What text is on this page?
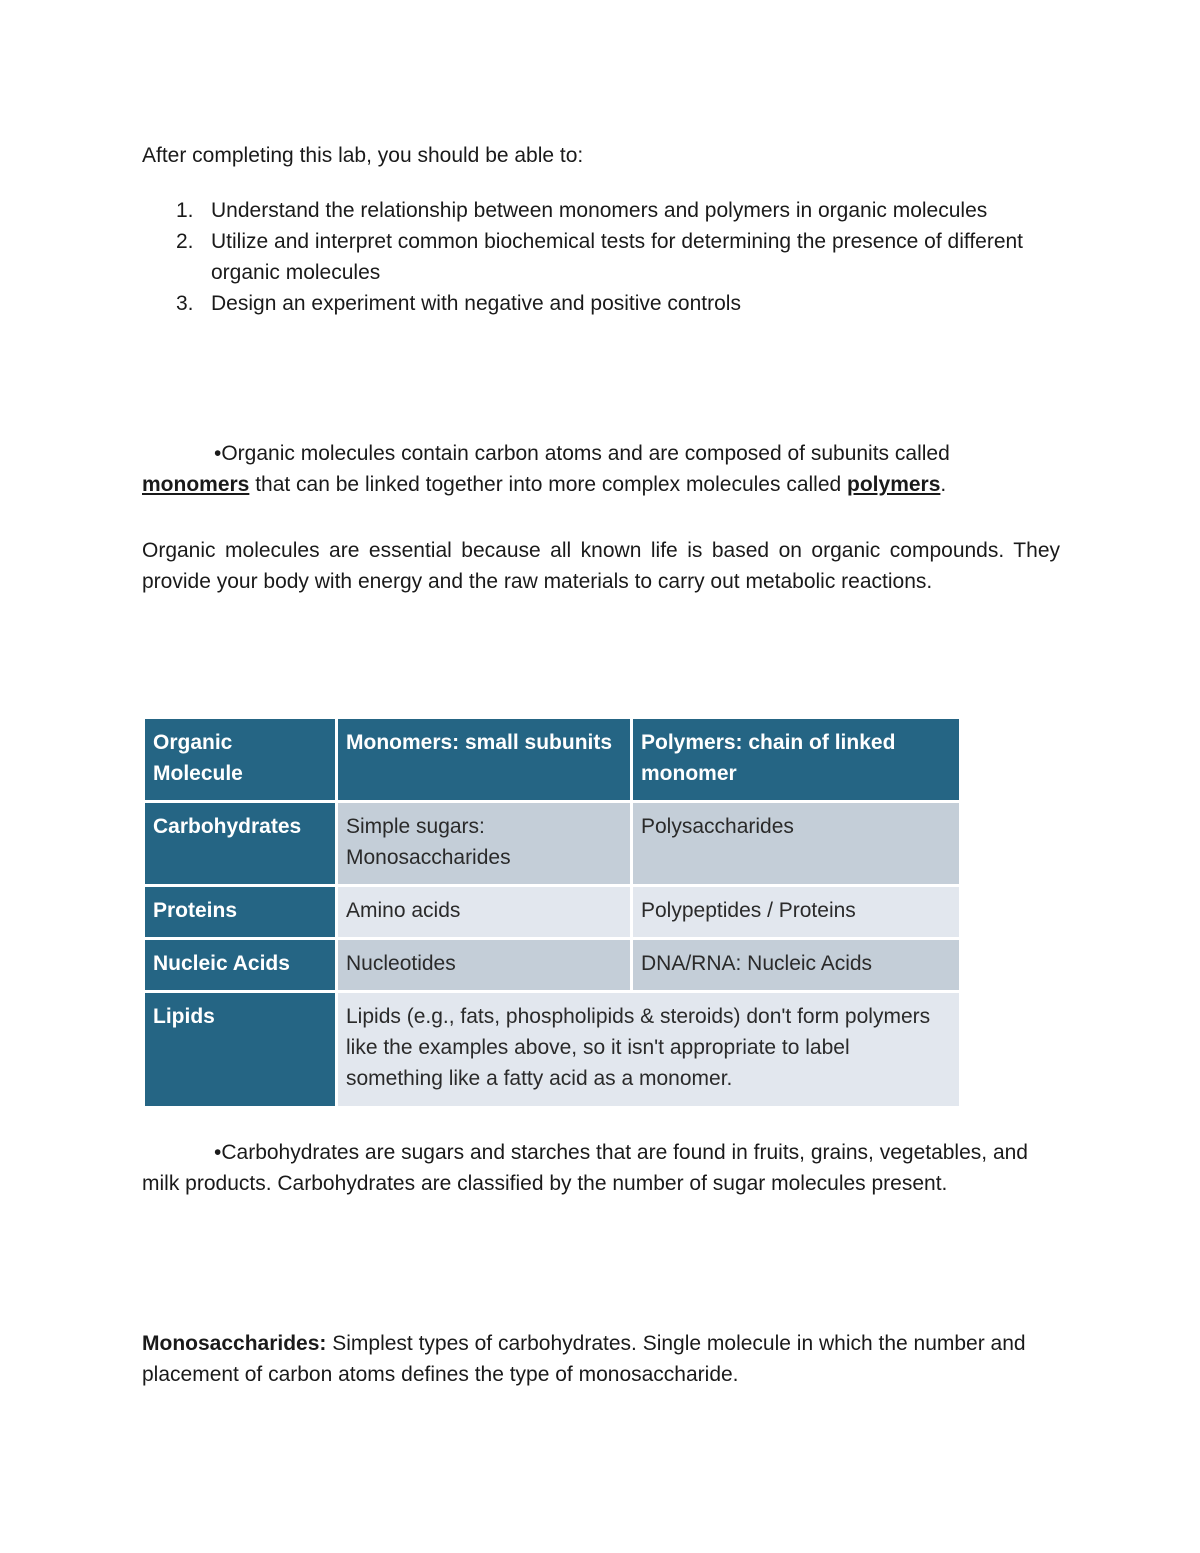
After completing this lab, you should be able to:
1. Understand the relationship between monomers and polymers in organic molecules
2. Utilize and interpret common biochemical tests for determining the presence of different organic molecules
3. Design an experiment with negative and positive controls
•Organic molecules contain carbon atoms and are composed of subunits called monomers that can be linked together into more complex molecules called polymers.
Organic molecules are essential because all known life is based on organic compounds. They provide your body with energy and the raw materials to carry out metabolic reactions.
Organic Molecule	Monomers: small subunits	Polymers: chain of linked monomer
Carbohydrates	Simple sugars: Monosaccharides	Polysaccharides
Proteins	Amino acids	Polypeptides / Proteins
Nucleic Acids	Nucleotides	DNA/RNA: Nucleic Acids
Lipids	Lipids (e.g., fats, phospholipids & steroids) don't form polymers like the examples above, so it isn't appropriate to label something like a fatty acid as a monomer.	
•Carbohydrates are sugars and starches that are found in fruits, grains, vegetables, and milk products. Carbohydrates are classified by the number of sugar molecules present.
Monosaccharides: Simplest types of carbohydrates. Single molecule in which the number and placement of carbon atoms defines the type of monosaccharide.
